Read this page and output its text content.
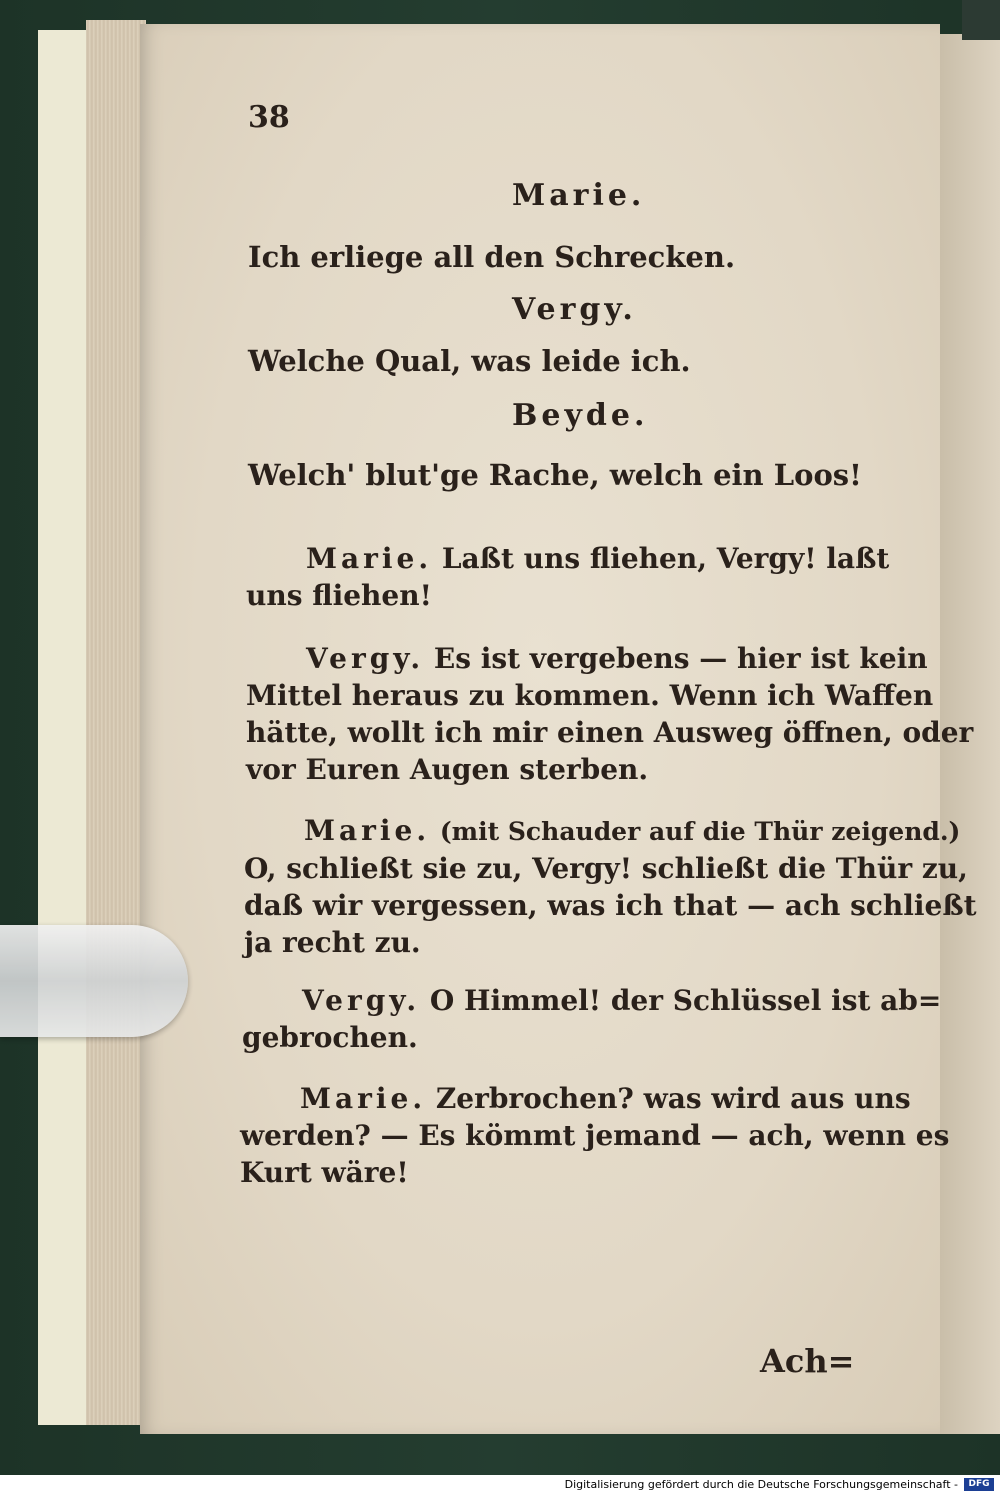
38
Marie.
Ich erliege all den Schrecken.
Vergy.
Welche Qual, was leide ich.
Beyde.
Welch' blut'ge Rache, welch ein Loos!
Marie. Laßt uns fliehen, Vergy! laßt
uns fliehen!
Vergy. Es ist vergebens — hier ist kein
Mittel heraus zu kommen. Wenn ich Waffen
hätte, wollt ich mir einen Ausweg öffnen, oder
vor Euren Augen sterben.
Marie. (mit Schauder auf die Thür zeigend.)
O, schließt sie zu, Vergy! schließt die Thür zu,
daß wir vergessen, was ich that — ach schließt
ja recht zu.
Vergy. O Himmel! der Schlüssel ist ab=
gebrochen.
Marie. Zerbrochen? was wird aus uns
werden? — Es kömmt jemand — ach, wenn es
Kurt wäre!
Ach=
Digitalisierung gefördert durch die Deutsche Forschungsgemeinschaft -	DFG
